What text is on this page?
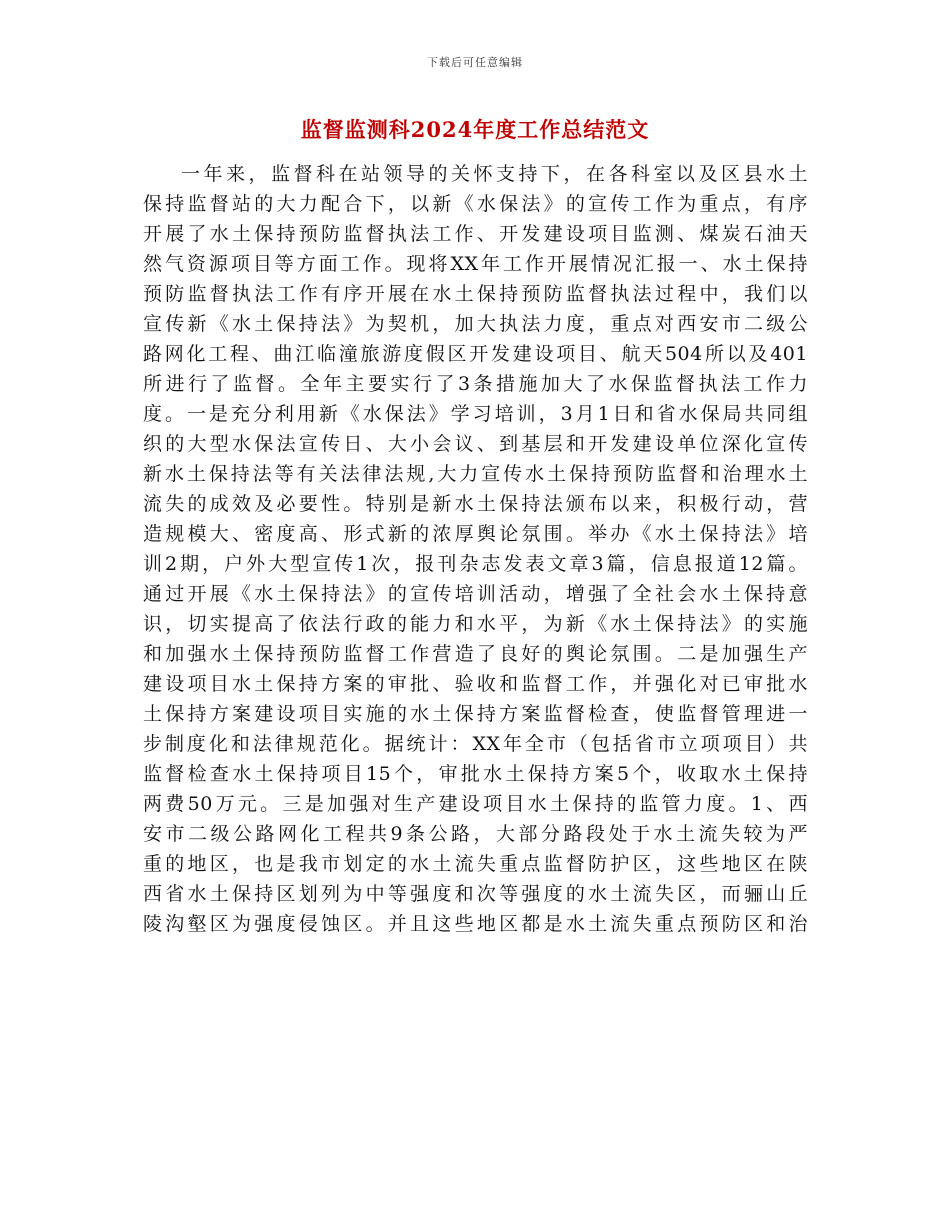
下载后可任意编辑
监督监测科2024年度工作总结范文
一年来，监督科在站领导的关怀支持下，在各科室以及区县水土
保持监督站的大力配合下，以新《水保法》的宣传工作为重点，有序
开展了水土保持预防监督执法工作、开发建设项目监测、煤炭石油天
然气资源项目等方面工作。现将XX年工作开展情况汇报一、水土保持
预防监督执法工作有序开展在水土保持预防监督执法过程中，我们以
宣传新《水土保持法》为契机，加大执法力度，重点对西安市二级公
路网化工程、曲江临潼旅游度假区开发建设项目、航天504所以及401
所进行了监督。全年主要实行了3条措施加大了水保监督执法工作力
度。一是充分利用新《水保法》学习培训，3月1日和省水保局共同组
织的大型水保法宣传日、大小会议、到基层和开发建设单位深化宣传
新水土保持法等有关法律法规,大力宣传水土保持预防监督和治理水土
流失的成效及必要性。特别是新水土保持法颁布以来，积极行动，营
造规模大、密度高、形式新的浓厚舆论氛围。举办《水土保持法》培
训2期，户外大型宣传1次，报刊杂志发表文章3篇，信息报道12篇。
通过开展《水土保持法》的宣传培训活动，增强了全社会水土保持意
识，切实提高了依法行政的能力和水平，为新《水土保持法》的实施
和加强水土保持预防监督工作营造了良好的舆论氛围。二是加强生产
建设项目水土保持方案的审批、验收和监督工作，并强化对已审批水
土保持方案建设项目实施的水土保持方案监督检查，使监督管理进一
步制度化和法律规范化。据统计：XX年全市（包括省市立项项目）共
监督检查水土保持项目15个，审批水土保持方案5个，收取水土保持
两费50万元。三是加强对生产建设项目水土保持的监管力度。1、西
安市二级公路网化工程共9条公路，大部分路段处于水土流失较为严
重的地区，也是我市划定的水土流失重点监督防护区，这些地区在陕
西省水土保持区划列为中等强度和次等强度的水土流失区，而骊山丘
陵沟壑区为强度侵蚀区。并且这些地区都是水土流失重点预防区和治
